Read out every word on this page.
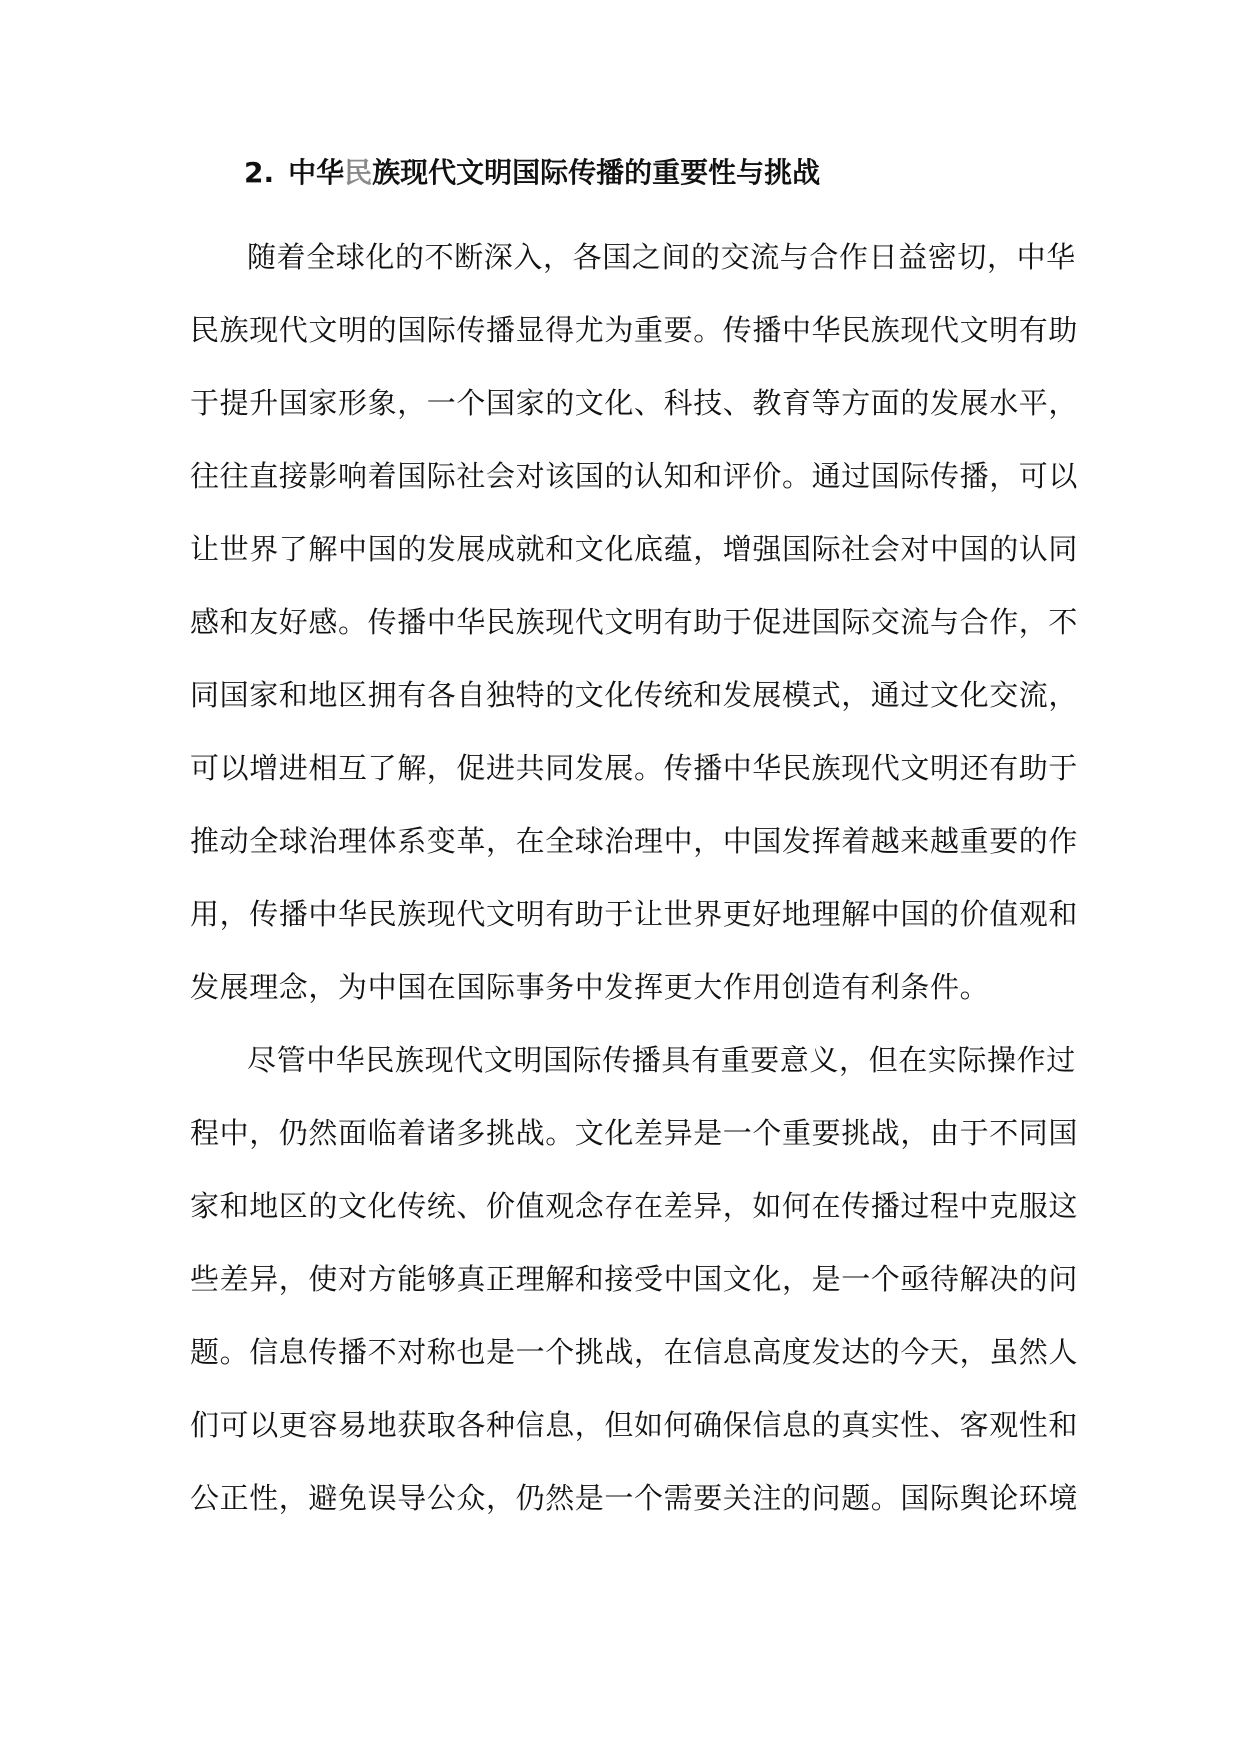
2. 中华民族现代文明国际传播的重要性与挑战
随着全球化的不断深入，各国之间的交流与合作日益密切，中华
民族现代文明的国际传播显得尤为重要。传播中华民族现代文明有助
于提升国家形象，一个国家的文化、科技、教育等方面的发展水平，
往往直接影响着国际社会对该国的认知和评价。通过国际传播，可以
让世界了解中国的发展成就和文化底蕴，增强国际社会对中国的认同
感和友好感。传播中华民族现代文明有助于促进国际交流与合作，不
同国家和地区拥有各自独特的文化传统和发展模式，通过文化交流，
可以增进相互了解，促进共同发展。传播中华民族现代文明还有助于
推动全球治理体系变革，在全球治理中，中国发挥着越来越重要的作
用，传播中华民族现代文明有助于让世界更好地理解中国的价值观和
发展理念，为中国在国际事务中发挥更大作用创造有利条件。
尽管中华民族现代文明国际传播具有重要意义，但在实际操作过
程中，仍然面临着诸多挑战。文化差异是一个重要挑战，由于不同国
家和地区的文化传统、价值观念存在差异，如何在传播过程中克服这
些差异，使对方能够真正理解和接受中国文化，是一个亟待解决的问
题。信息传播不对称也是一个挑战，在信息高度发达的今天，虽然人
们可以更容易地获取各种信息，但如何确保信息的真实性、客观性和
公正性，避免误导公众，仍然是一个需要关注的问题。国际舆论环境
